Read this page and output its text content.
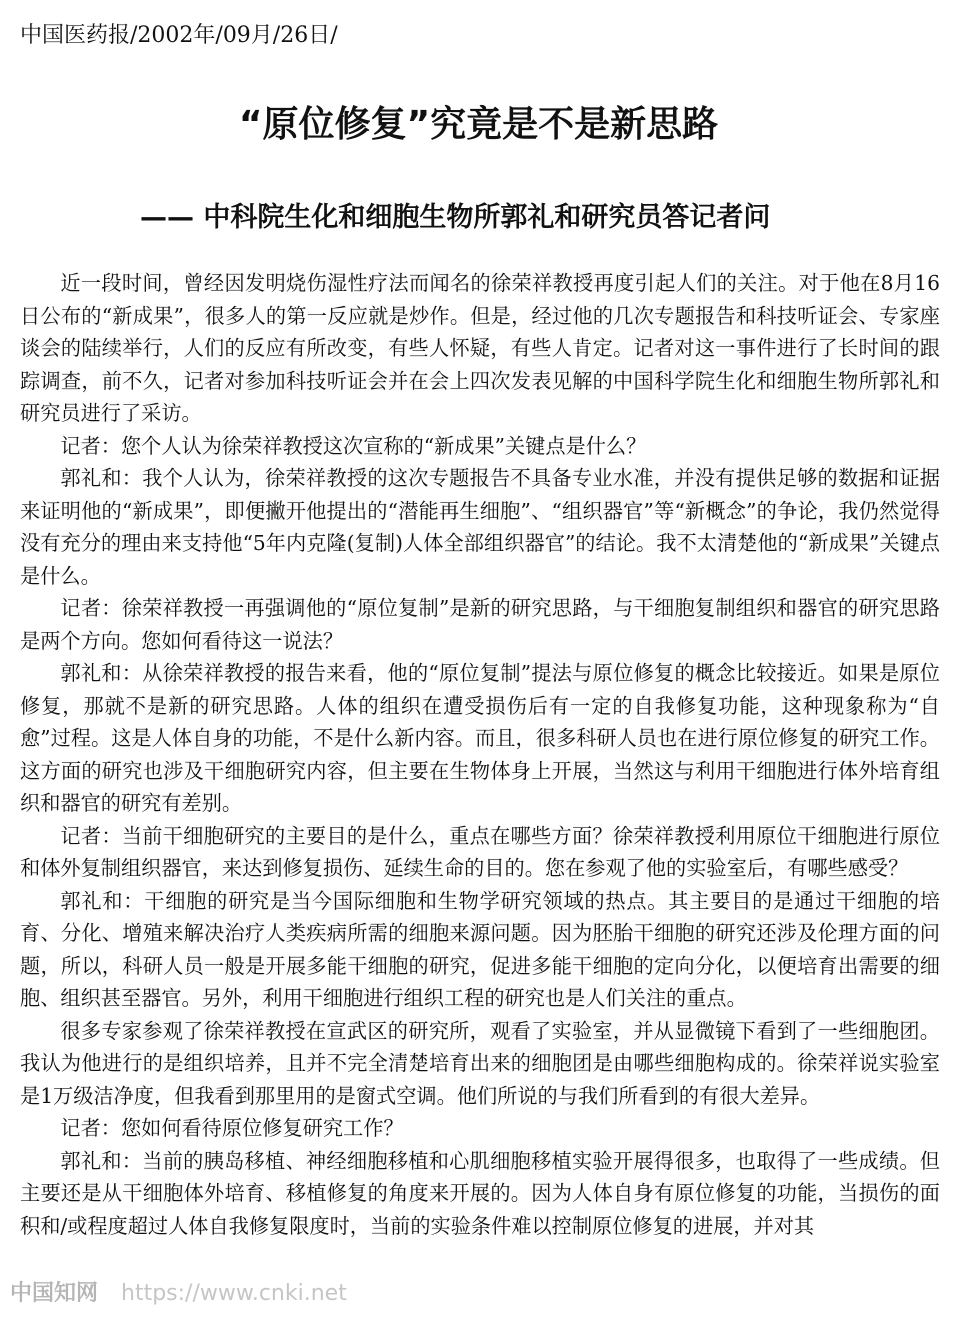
中国医药报/2002年/09月/26日/
“原位修复”究竟是不是新思路
—— 中科院生化和细胞生物所郭礼和研究员答记者问

近一段时间，曾经因发明烧伤湿性疗法而闻名的徐荣祥教授再度引起人们的关注。对于他在8月16日公布的“新成果”，很多人的第一反应就是炒作。但是，经过他的几次专题报告和科技听证会、专家座谈会的陆续举行，人们的反应有所改变，有些人怀疑，有些人肯定。记者对这一事件进行了长时间的跟踪调查，前不久，记者对参加科技听证会并在会上四次发表见解的中国科学院生化和细胞生物所郭礼和研究员进行了采访。

记者：您个人认为徐荣祥教授这次宣称的“新成果”关键点是什么？

郭礼和：我个人认为，徐荣祥教授的这次专题报告不具备专业水准，并没有提供足够的数据和证据来证明他的“新成果”，即便撇开他提出的“潜能再生细胞”、“组织器官”等“新概念”的争论，我仍然觉得没有充分的理由来支持他“5年内克隆(复制)人体全部组织器官”的结论。我不太清楚他的“新成果”关键点是什么。

记者：徐荣祥教授一再强调他的“原位复制”是新的研究思路，与干细胞复制组织和器官的研究思路是两个方向。您如何看待这一说法？

郭礼和：从徐荣祥教授的报告来看，他的“原位复制”提法与原位修复的概念比较接近。如果是原位修复，那就不是新的研究思路。人体的组织在遭受损伤后有一定的自我修复功能，这种现象称为“自愈”过程。这是人体自身的功能，不是什么新内容。而且，很多科研人员也在进行原位修复的研究工作。这方面的研究也涉及干细胞研究内容，但主要在生物体身上开展，当然这与利用干细胞进行体外培育组织和器官的研究有差别。

记者：当前干细胞研究的主要目的是什么，重点在哪些方面？徐荣祥教授利用原位干细胞进行原位和体外复制组织器官，来达到修复损伤、延续生命的目的。您在参观了他的实验室后，有哪些感受？

郭礼和：干细胞的研究是当今国际细胞和生物学研究领域的热点。其主要目的是通过干细胞的培育、分化、增殖来解决治疗人类疾病所需的细胞来源问题。因为胚胎干细胞的研究还涉及伦理方面的问题，所以，科研人员一般是开展多能干细胞的研究，促进多能干细胞的定向分化，以便培育出需要的细胞、组织甚至器官。另外，利用干细胞进行组织工程的研究也是人们关注的重点。

很多专家参观了徐荣祥教授在宣武区的研究所，观看了实验室，并从显微镜下看到了一些细胞团。我认为他进行的是组织培养，且并不完全清楚培育出来的细胞团是由哪些细胞构成的。徐荣祥说实验室是1万级洁净度，但我看到那里用的是窗式空调。他们所说的与我们所看到的有很大差异。

记者：您如何看待原位修复研究工作？

郭礼和：当前的胰岛移植、神经细胞移植和心肌细胞移植实验开展得很多，也取得了一些成绩。但主要还是从干细胞体外培育、移植修复的角度来开展的。因为人体自身有原位修复的功能，当损伤的面积和/或程度超过人体自我修复限度时，当前的实验条件难以控制原位修复的进展，并对其

中国知网 https://www.cnki.net
